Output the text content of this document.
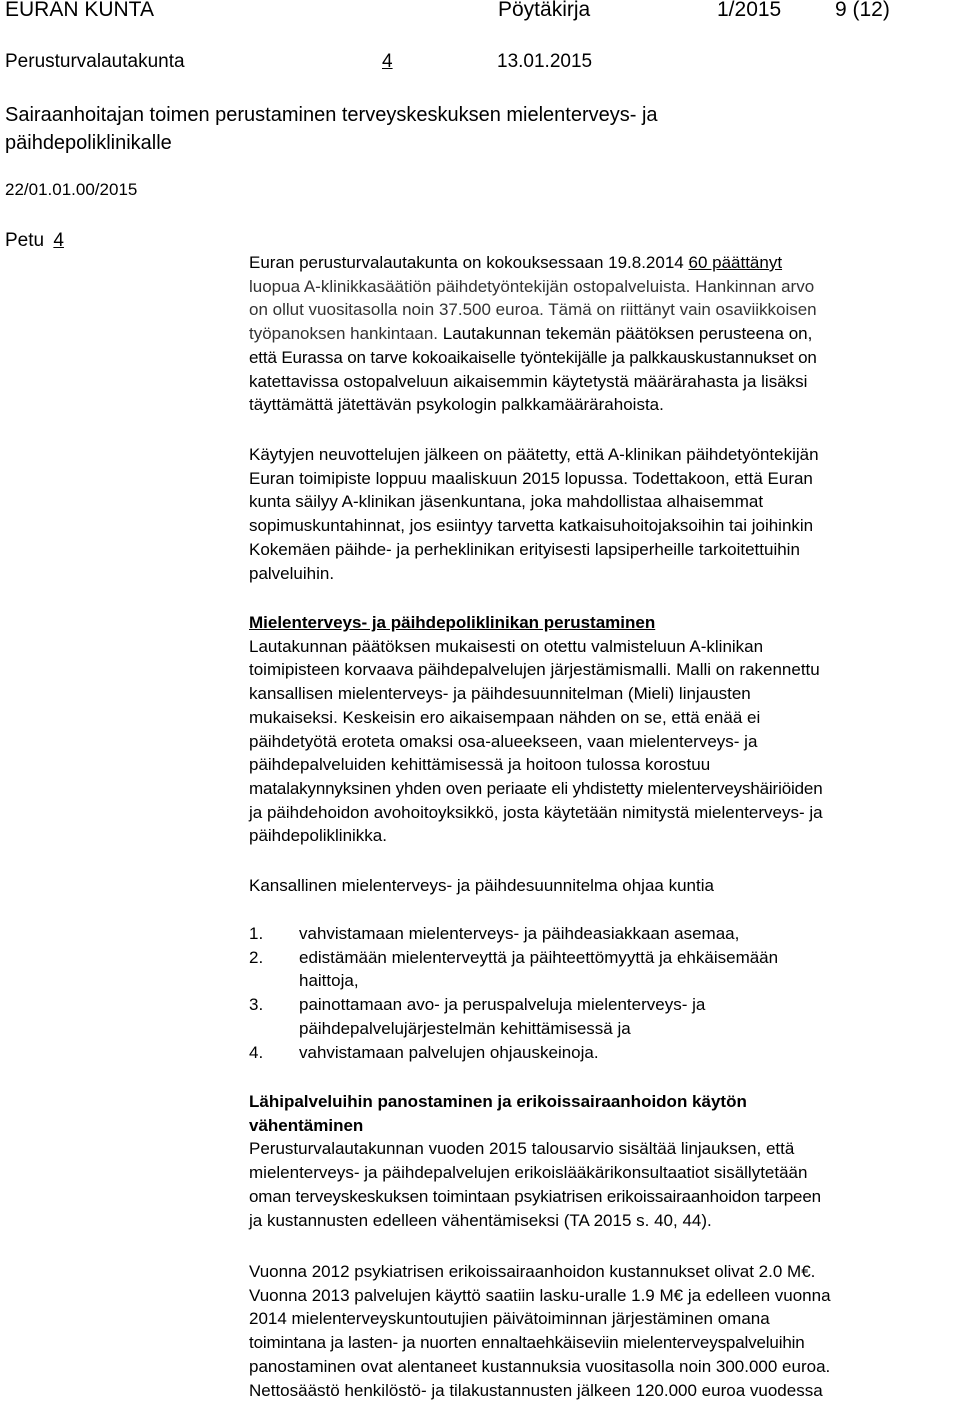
EURAN KUNTA	Pöytäkirja	1/2015	9 (12)
Perusturvalautakunta	4	13.01.2015
Sairaanhoitajan toimen perustaminen terveyskeskuksen mielenterveys- ja
päihdepoliklinikalle
22/01.01.00/2015
Petu 4

Euran perusturvalautakunta on kokouksessaan 19.8.2014 60 päättänyt

luopua A-klinikkasäätiön päihdetyöntekijän ostopalveluista. Hankinnan arvo

on ollut vuositasolla noin 37.500 euroa. Tämä on riittänyt vain osaviikkoisen

työpanoksen hankintaan. Lautakunnan tekemän päätöksen perusteena on,

että Eurassa on tarve kokoaikaiselle työntekijälle ja palkkauskustannukset on

katettavissa ostopalveluun aikaisemmin käytetystä määrärahasta ja lisäksi

täyttämättä jätettävän psykologin palkkamäärärahoista.

Käytyjen neuvottelujen jälkeen on päätetty, että A-klinikan päihdetyöntekijän

Euran toimipiste loppuu maaliskuun 2015 lopussa. Todettakoon, että Euran

kunta säilyy A-klinikan jäsenkuntana, joka mahdollistaa alhaisemmat

sopimuskuntahinnat, jos esiintyy tarvetta katkaisuhoitojaksoihin tai joihinkin

Kokemäen päihde- ja perheklinikan erityisesti lapsiperheille tarkoitettuihin

palveluihin.

Mielenterveys- ja päihdepoliklinikan perustaminen

Lautakunnan päätöksen mukaisesti on otettu valmisteluun A-klinikan

toimipisteen korvaava päihdepalvelujen järjestämismalli. Malli on rakennettu

kansallisen mielenterveys- ja päihdesuunnitelman (Mieli) linjausten

mukaiseksi. Keskeisin ero aikaisempaan nähden on se, että enää ei

päihdetyötä eroteta omaksi osa-alueekseen, vaan mielenterveys- ja

päihdepalveluiden kehittämisessä ja hoitoon tulossa korostuu

matalakynnyksinen yhden oven periaate eli yhdistetty mielenterveyshäiriöiden

ja päihdehoidon avohoitoyksikkö, josta käytetään nimitystä mielenterveys- ja

päihdepoliklinikka.

Kansallinen mielenterveys- ja päihdesuunnitelma ohjaa kuntia

1. vahvistamaan mielenterveys- ja päihdeasiakkaan asemaa,
2. edistämään mielenterveyttä ja päihteettömyyttä ja ehkäisemään
haittoja,
3. painottamaan avo- ja peruspalveluja mielenterveys- ja
päihdepalvelujärjestelmän kehittämisessä ja
4. vahvistamaan palvelujen ohjauskeinoja.

Lähipalveluihin panostaminen ja erikoissairaanhoidon käytön

vähentäminen

Perusturvalautakunnan vuoden 2015 talousarvio sisältää linjauksen, että

mielenterveys- ja päihdepalvelujen erikoislääkärikonsultaatiot sisällytetään

oman terveyskeskuksen toimintaan psykiatrisen erikoissairaanhoidon tarpeen

ja kustannusten edelleen vähentämiseksi (TA 2015 s. 40, 44).

Vuonna 2012 psykiatrisen erikoissairaanhoidon kustannukset olivat 2.0 M€.

Vuonna 2013 palvelujen käyttö saatiin lasku-uralle 1.9 M€ ja edelleen vuonna

2014 mielenterveyskuntoutujien päivätoiminnan järjestäminen omana

toimintana ja lasten- ja nuorten ennaltaehkäiseviin mielenterveyspalveluihin

panostaminen ovat alentaneet kustannuksia vuositasolla noin 300.000 euroa.

Nettosäästö henkilöstö- ja tilakustannusten jälkeen 120.000 euroa vuodessa
